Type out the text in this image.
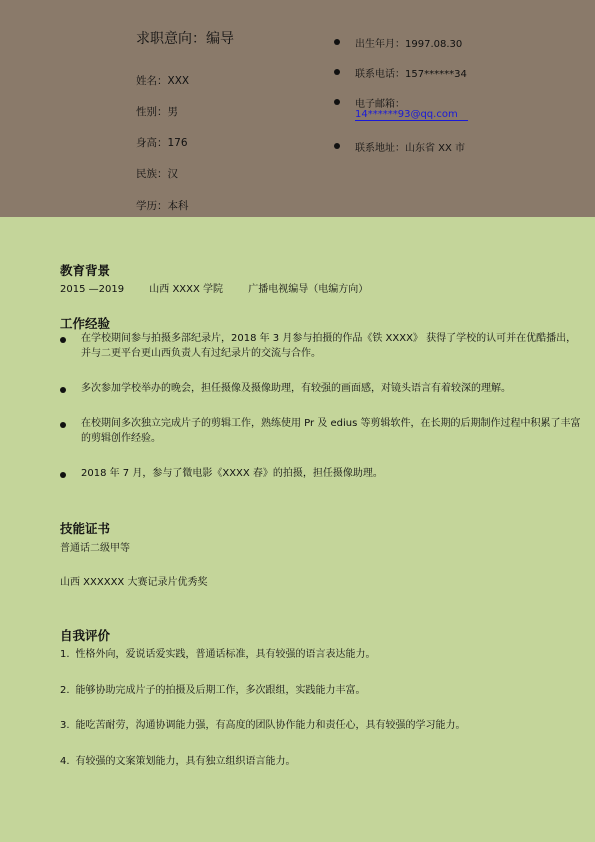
求职意向：编导
姓名：XXX
性别：男
身高：176
民族：汉
学历：本科
出生年月：1997.08.30
联系电话：157******34
电子邮箱：
14******93@qq.com
联系地址：山东省 XX 市
教育背景
2015 —2019	山西 XXXX 学院	广播电视编导（电编方向）
工作经验
在学校期间参与拍摄多部纪录片，2018 年 3 月参与拍摄的作品《铁 XXXX》 获得了学校的认可并在优酷播出，并与二更平台更山西负责人有过纪录片的交流与合作。
多次参加学校举办的晚会，担任摄像及摄像助理，有较强的画面感，对镜头语言有着较深的理解。
在校期间多次独立完成片子的剪辑工作，熟练使用 Pr 及 edius 等剪辑软件，在长期的后期制作过程中积累了丰富的剪辑创作经验。
2018 年 7 月，参与了微电影《XXXX 春》的拍摄，担任摄像助理。
技能证书
普通话二级甲等
山西 XXXXXX 大赛记录片优秀奖
自我评价
1. 性格外向，爱说话爱实践，普通话标准，具有较强的语言表达能力。
2. 能够协助完成片子的拍摄及后期工作，多次跟组，实践能力丰富。
3. 能吃苦耐劳，沟通协调能力强，有高度的团队协作能力和责任心，具有较强的学习能力。
4. 有较强的文案策划能力，具有独立组织语言能力。
